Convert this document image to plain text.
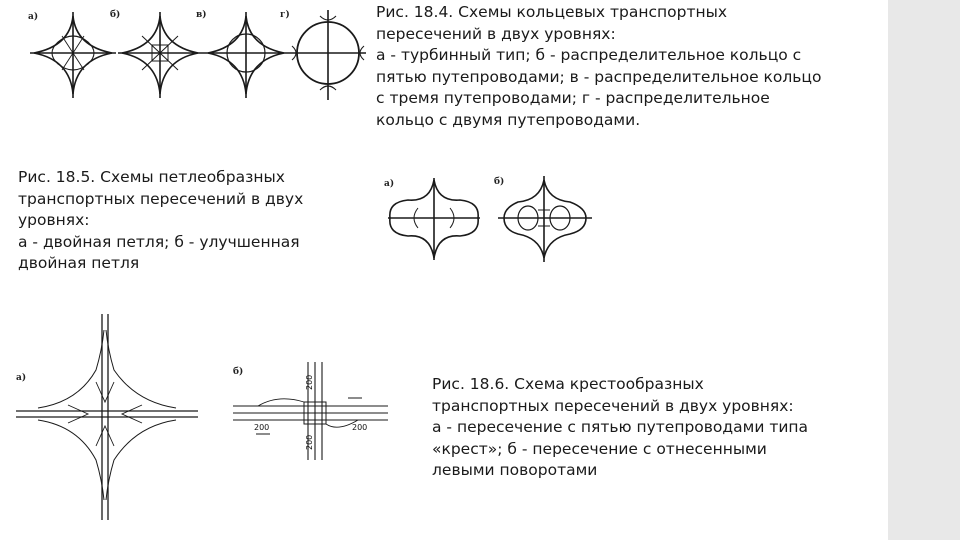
а)	б)	в)	г)	Рис. 18.4. Схемы кольцевых транспортных
пересечений в двух уровнях:
а - турбинный тип; б - распределительное кольцо с
пятью путепроводами; в - распределительное кольцо
с тремя путепроводами; г - распределительное
кольцо с двумя путепроводами.
Рис. 18.5. Схемы петлеобразных
транспортных пересечений в двух
уровнях:
а - двойная петля; б - улучшенная
двойная петля
а)	б)
а)
б)
200	200
200
200
Рис. 18.6. Схема крестообразных
транспортных пересечений в двух уровнях:
а - пересечение с пятью путепроводами типа
«крест»; б - пересечение с отнесенными
левыми поворотами
